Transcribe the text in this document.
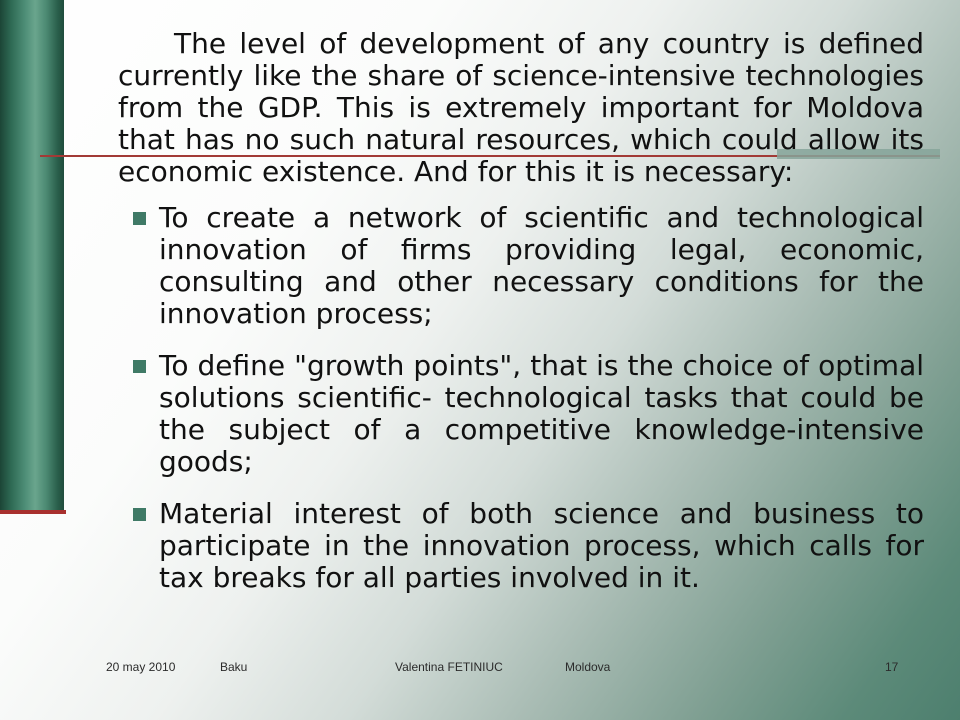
The level of development of any country is defined currently like the share of science-intensive technologies from the GDP. This is extremely important for Moldova that has no such natural resources, which could allow its economic existence. And for this it is necessary:

To create a network of scientific and technological innovation of firms providing legal, economic, consulting and other necessary conditions for the innovation process;
To define "growth points", that is the choice of optimal solutions scientific- technological tasks that could be the subject of a competitive knowledge-intensive goods;
Material interest of both science and business to participate in the innovation process, which calls for tax breaks for all parties involved in it.
20 may 2010	Baku	Valentina FETINIUC	Moldova	17
